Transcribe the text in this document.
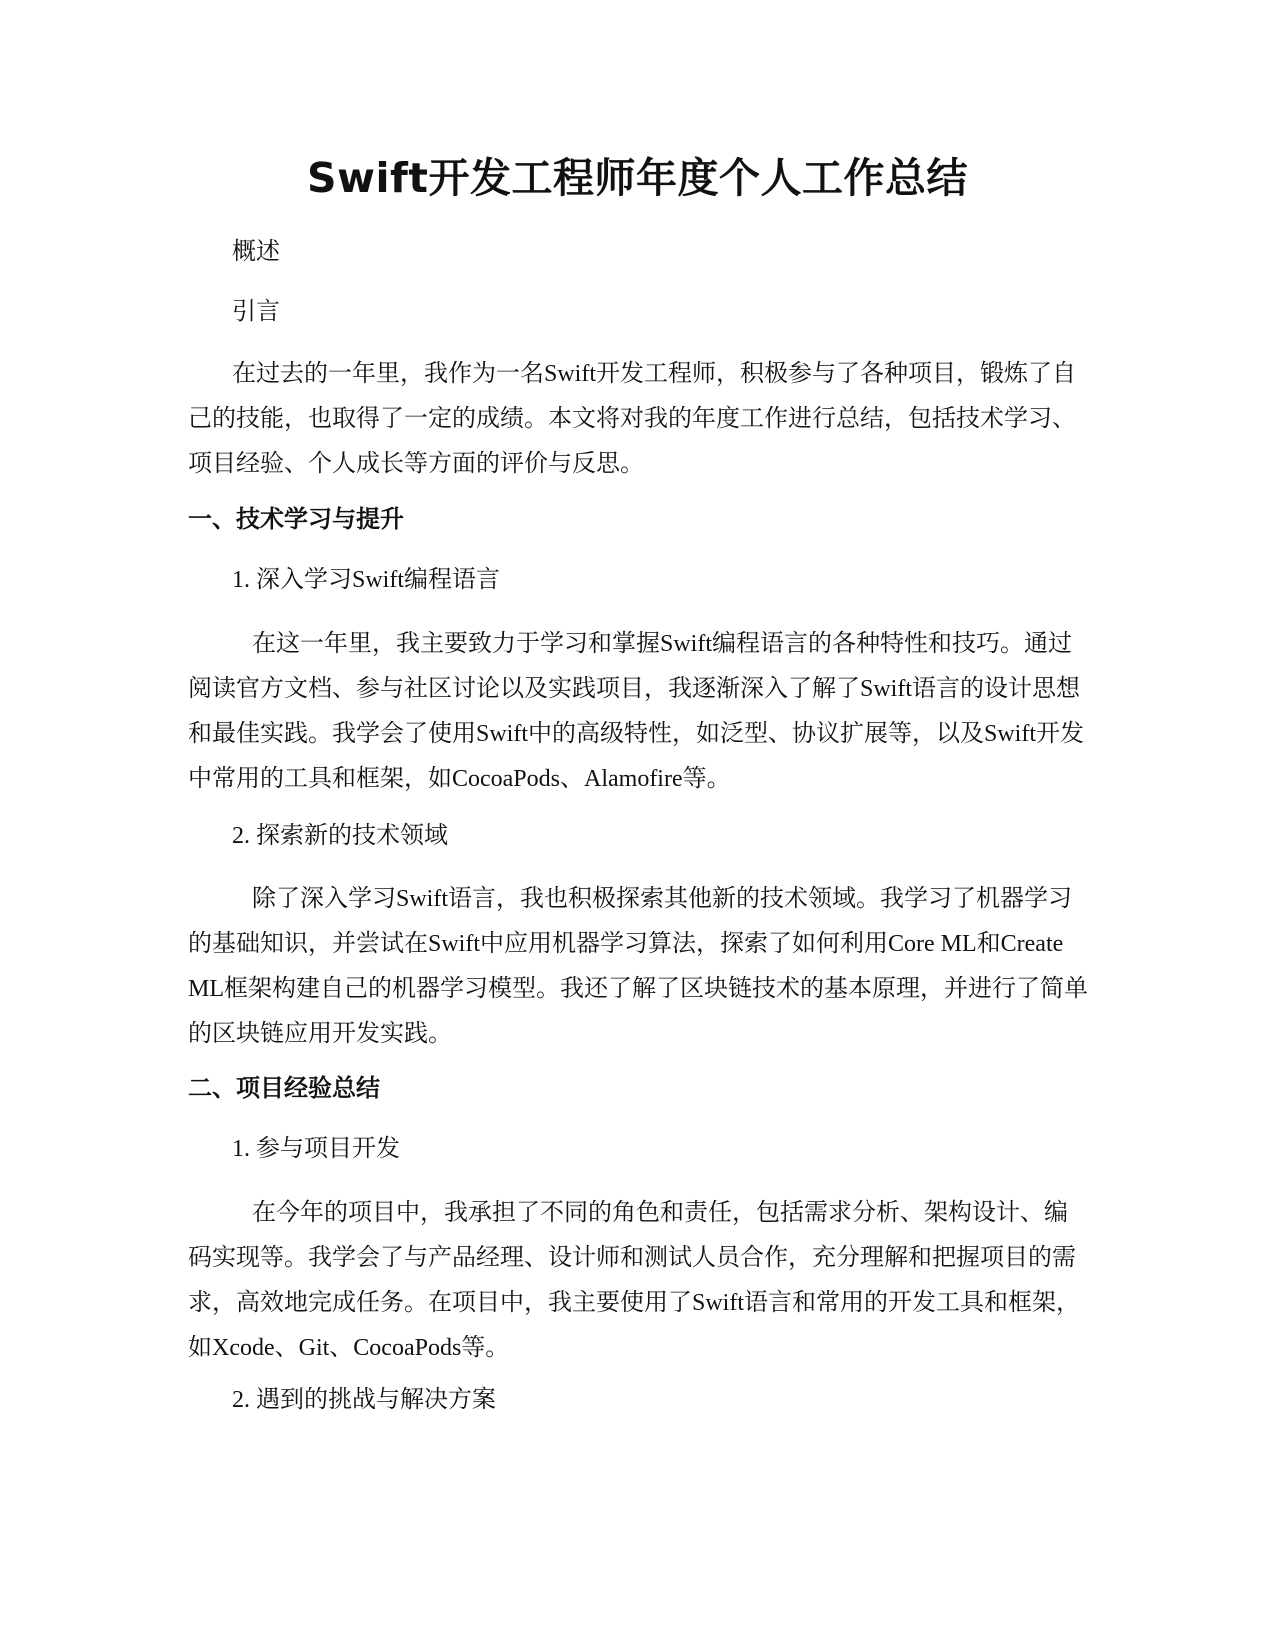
Swift开发工程师年度个人工作总结

概述

引言

在过去的一年里，我作为一名Swift开发工程师，积极参与了各种项目，锻炼了自己的技能，也取得了一定的成绩。本文将对我的年度工作进行总结，包括技术学习、项目经验、个人成长等方面的评价与反思。

一、技术学习与提升

1. 深入学习Swift编程语言

在这一年里，我主要致力于学习和掌握Swift编程语言的各种特性和技巧。通过阅读官方文档、参与社区讨论以及实践项目，我逐渐深入了解了Swift语言的设计思想和最佳实践。我学会了使用Swift中的高级特性，如泛型、协议扩展等，以及Swift开发中常用的工具和框架，如CocoaPods、Alamofire等。

2. 探索新的技术领域

除了深入学习Swift语言，我也积极探索其他新的技术领域。我学习了机器学习的基础知识，并尝试在Swift中应用机器学习算法，探索了如何利用Core ML和Create ML框架构建自己的机器学习模型。我还了解了区块链技术的基本原理，并进行了简单的区块链应用开发实践。

二、项目经验总结

1. 参与项目开发

在今年的项目中，我承担了不同的角色和责任，包括需求分析、架构设计、编码实现等。我学会了与产品经理、设计师和测试人员合作，充分理解和把握项目的需求，高效地完成任务。在项目中，我主要使用了Swift语言和常用的开发工具和框架，如Xcode、Git、CocoaPods等。

2. 遇到的挑战与解决方案
